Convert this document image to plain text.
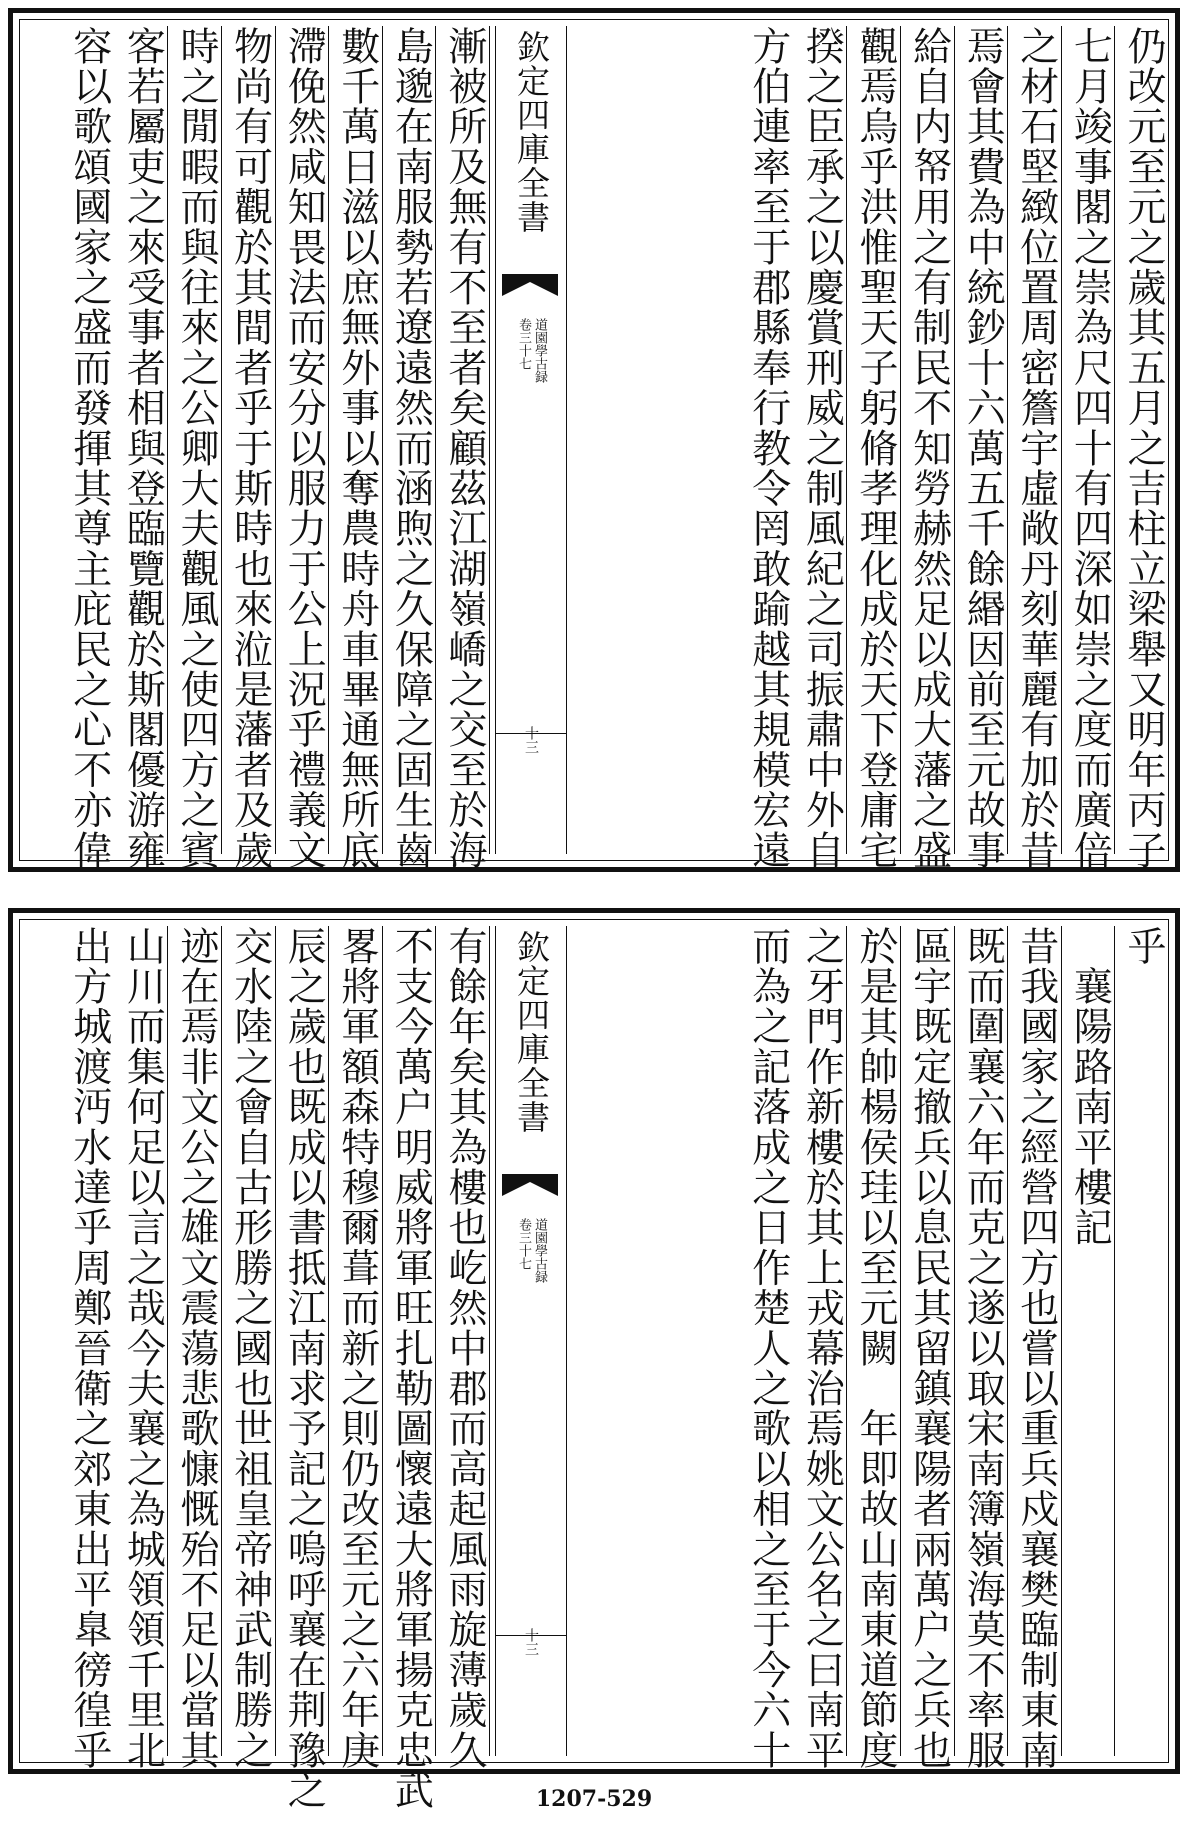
仍改元至元之歲其五月之吉柱立梁舉又明年丙子
七月竣事閣之崇為尺四十有四深如崇之度而廣倍
之材石堅緻位置周密簷宇虛敞丹刻華麗有加於昔
焉會其費為中統鈔十六萬五千餘緡因前至元故事
給自内帑用之有制民不知勞赫然足以成大藩之盛
觀焉烏乎洪惟聖天子躬脩孝理化成於天下登庸宅
揆之臣承之以慶賞刑威之制風紀之司振肅中外自
方伯連率至于郡縣奉行教令罔敢踰越其規模宏遠
漸被所及無有不至者矣顧茲江湖嶺嶠之交至於海
島邈在南服勢若遼遠然而涵煦之久保障之固生齒
數千萬日滋以庶無外事以奪農時舟車畢通無所底
滯俛然咸知畏法而安分以服力于公上況乎禮義文
物尚有可觀於其間者乎于斯時也來涖是藩者及歲
時之閒暇而與往來之公卿大夫觀風之使四方之賓
客若屬吏之來受事者相與登臨覽觀於斯閣優游雍
容以歌頌國家之盛而發揮其尊主庇民之心不亦偉	欽定四庫全書
道園學古録
卷三十七
十三
乎
　襄陽路南平樓記
昔我國家之經營四方也嘗以重兵戍襄樊臨制東南
既而圍襄六年而克之遂以取宋南簿嶺海莫不率服
區宇既定撤兵以息民其留鎮襄陽者兩萬户之兵也
於是其帥楊侯珪以至元闕　年即故山南東道節度
之牙門作新樓於其上戎幕治焉姚文公名之曰南平
而為之記落成之日作楚人之歌以相之至于今六十
有餘年矣其為樓也屹然中郡而高起風雨旋薄歲久
不支今萬户明威將軍旺扎勒圖懷遠大將軍揚克忠武
畧將軍額森特穆爾葺而新之則仍改至元之六年庚
辰之歲也既成以書抵江南求予記之嗚呼襄在荆豫之
交水陸之會自古形勝之國也世祖皇帝神武制勝之
迹在焉非文公之雄文震蕩悲歌慷慨殆不足以當其
山川而集何足以言之哉今夫襄之為城領領千里北
出方城渡沔水達乎周鄭晉衛之郊東出平臯徬徨乎	欽定四庫全書
道園學古録
卷三十七
十三
1207-529
